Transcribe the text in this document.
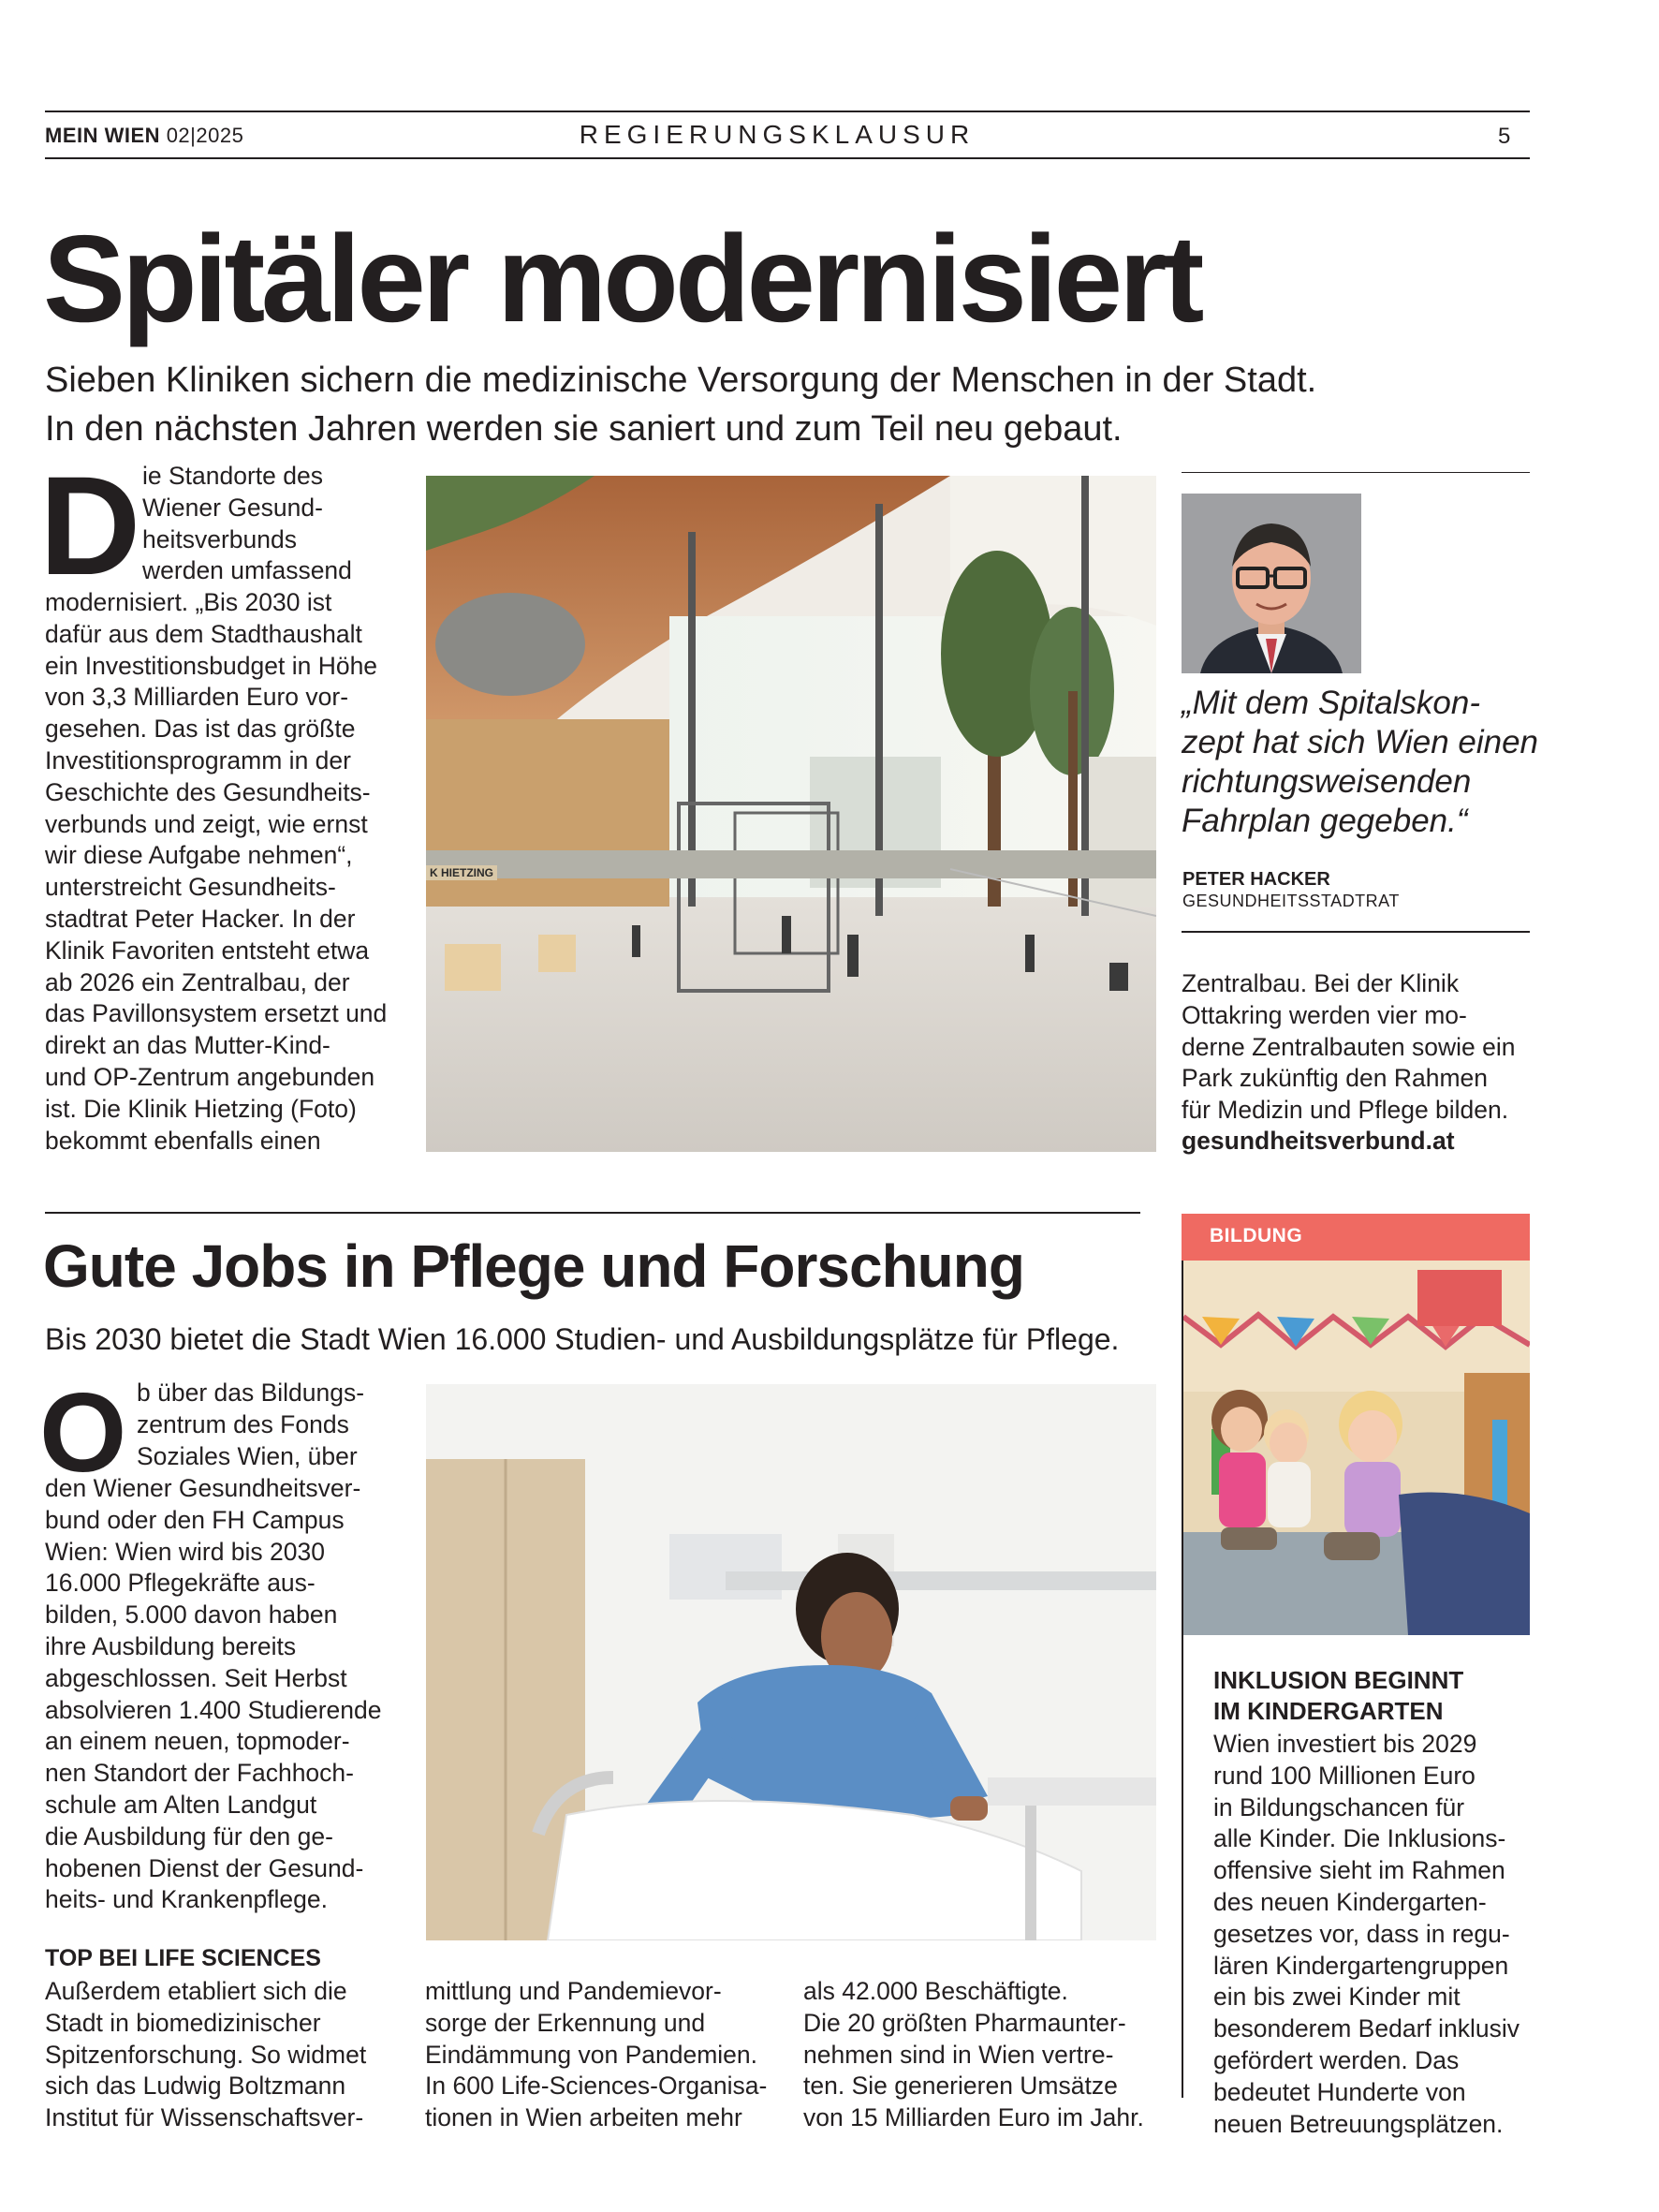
MEIN WIEN 02|2025	REGIERUNGSKLAUSUR	5
Spitäler modernisiert
Sieben Kliniken sichern die medizinische Versorgung der Menschen in der Stadt.
In den nächsten Jahren werden sie saniert und zum Teil neu gebaut.
D ie Standorte des
Wiener Gesund-
heitsverbunds
werden umfassend
modernisiert. „Bis 2030 ist
dafür aus dem Stadthaushalt
ein Investitionsbudget in Höhe
von 3,3 Milliarden Euro vor-
gesehen. Das ist das größte
Investitionsprogramm in der
Geschichte des Gesundheits-
verbunds und zeigt, wie ernst
wir diese Aufgabe nehmen“,
unterstreicht Gesundheits-
stadtrat Peter Hacker. In der
Klinik Favoriten entsteht etwa
ab 2026 ein Zentralbau, der
das Pavillonsystem ersetzt und
direkt an das Mutter-Kind-
und OP-Zentrum angebunden
ist. Die Klinik Hietzing (Foto)
bekommt ebenfalls einen
K HIETZING
„Mit dem Spitalskon-
zept hat sich Wien einen
richtungsweisenden
Fahrplan gegeben.“
PETER HACKER
GESUNDHEITSSTADTRAT
Zentralbau. Bei der Klinik
Ottakring werden vier mo-
derne Zentralbauten sowie ein
Park zukünftig den Rahmen
für Medizin und Pflege bilden.
gesundheitsverbund.at
Gute Jobs in Pflege und Forschung
Bis 2030 bietet die Stadt Wien 16.000 Studien- und Ausbildungsplätze für Pflege.
O b über das Bildungs-
zentrum des Fonds
Soziales Wien, über
den Wiener Gesundheitsver-
bund oder den FH Campus
Wien: Wien wird bis 2030
16.000 Pflegekräfte aus-
bilden, 5.000 davon haben
ihre Ausbildung bereits
abgeschlossen. Seit Herbst
absolvieren 1.400 Studierende
an einem neuen, topmoder-
nen Standort der Fachhoch-
schule am Alten Landgut
die Ausbildung für den ge-
hobenen Dienst der Gesund-
heits- und Krankenpflege.
TOP BEI LIFE SCIENCES
Außerdem etabliert sich die
Stadt in biomedizinischer
Spitzenforschung. So widmet
sich das Ludwig Boltzmann
Institut für Wissenschaftsver-
mittlung und Pandemievor-
sorge der Erkennung und
Eindämmung von Pandemien.
In 600 Life-Sciences-Organisa-
tionen in Wien arbeiten mehr
als 42.000 Beschäftigte.
Die 20 größten Pharmaunter-
nehmen sind in Wien vertre-
ten. Sie generieren Umsätze
von 15 Milliarden Euro im Jahr.
BILDUNG
INKLUSION BEGINNT
IM KINDERGARTEN
Wien investiert bis 2029
rund 100 Millionen Euro
in Bildungschancen für
alle Kinder. Die Inklusions-
offensive sieht im Rahmen
des neuen Kindergarten-
gesetzes vor, dass in regu-
lären Kindergartengruppen
ein bis zwei Kinder mit
besonderem Bedarf inklusiv
gefördert werden. Das
bedeutet Hunderte von
neuen Betreuungsplätzen.
